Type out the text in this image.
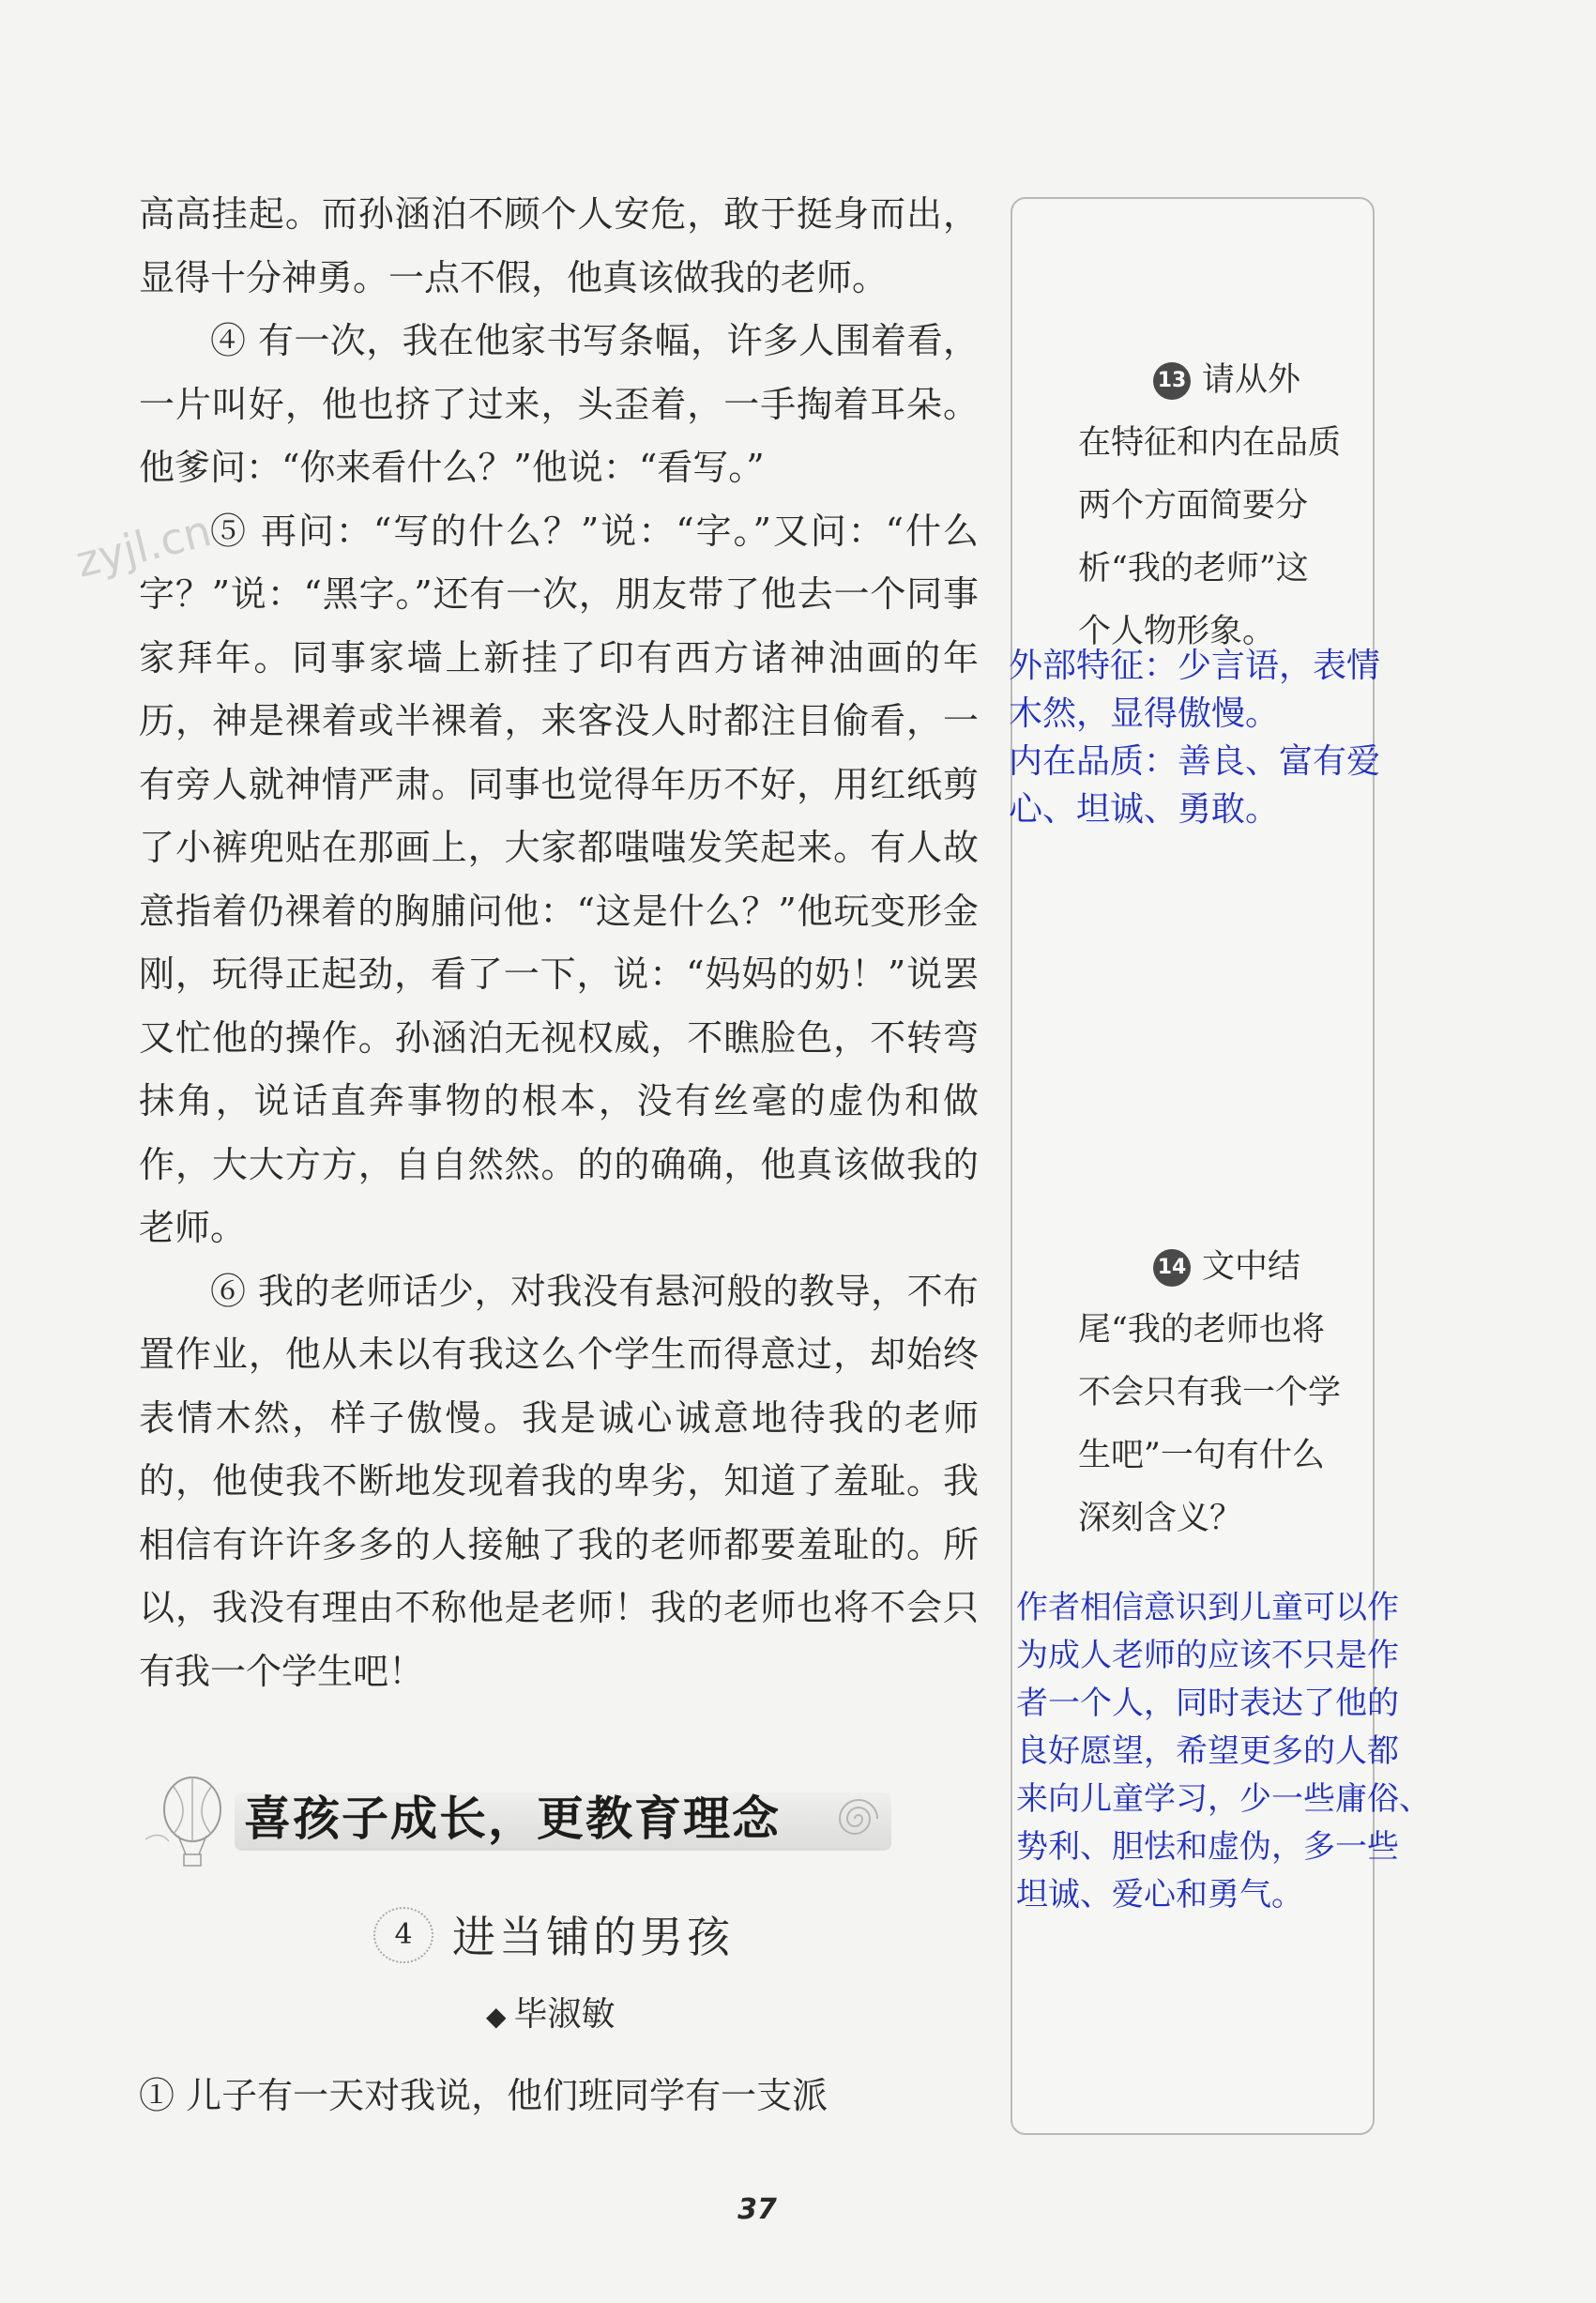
zyjl.cn

高高挂起。而孙涵泊不顾个人安危，敢于挺身而出，显得十分神勇。一点不假，他真该做我的老师。

④ 有一次，我在他家书写条幅，许多人围着看，一片叫好，他也挤了过来，头歪着，一手掏着耳朵。他爹问：“你来看什么？”他说：“看写。”

⑤ 再问：“写的什么？”说：“字。”又问：“什么字？”说：“黑字。”还有一次，朋友带了他去一个同事家拜年。同事家墙上新挂了印有西方诸神油画的年历，神是裸着或半裸着，来客没人时都注目偷看，一有旁人就神情严肃。同事也觉得年历不好，用红纸剪了小裤兜贴在那画上，大家都嗤嗤发笑起来。有人故意指着仍裸着的胸脯问他：“这是什么？”他玩变形金刚，玩得正起劲，看了一下，说：“妈妈的奶！”说罢又忙他的操作。孙涵泊无视权威，不瞧脸色，不转弯抹角，说话直奔事物的根本，没有丝毫的虚伪和做作，大大方方，自自然然。的的确确，他真该做我的老师。

⑥ 我的老师话少，对我没有悬河般的教导，不布置作业，他从未以有我这么个学生而得意过，却始终表情木然，样子傲慢。我是诚心诚意地待我的老师的，他使我不断地发现着我的卑劣，知道了羞耻。我相信有许许多多的人接触了我的老师都要羞耻的。所以，我没有理由不称他是老师！我的老师也将不会只有我一个学生吧！

喜孩子成长，更教育理念
4 进当铺的男孩
◆ 毕淑敏
① 儿子有一天对我说，他们班同学有一支派
13 请从外
在特征和内在品质两个方面简要分析“我的老师”这个人物形象。
14 文中结
尾“我的老师也将不会只有我一个学生吧”一句有什么深刻含义？
外部特征：少言语，表情
木然，显得傲慢。
内在品质：善良、富有爱
心、坦诚、勇敢。
作者相信意识到儿童可以作
为成人老师的应该不只是作
者一个人，同时表达了他的
良好愿望，希望更多的人都
来向儿童学习，少一些庸俗、
势利、胆怯和虚伪，多一些
坦诚、爱心和勇气。
37
